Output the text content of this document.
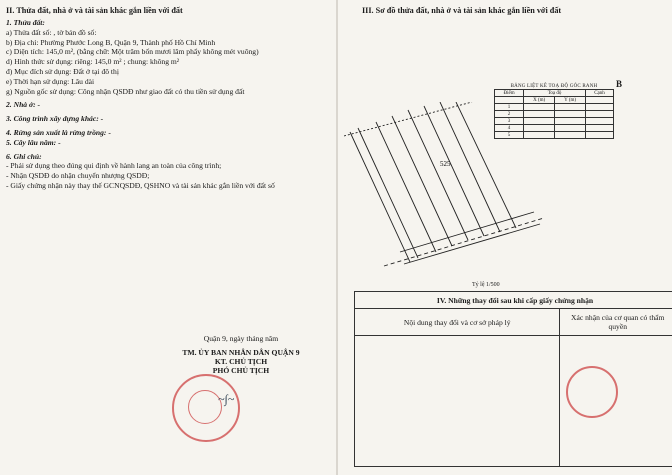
II. Thửa đất, nhà ở và tài sản khác gắn liền với đất
1. Thửa đất:
a) Thửa đất số: , tờ bản đồ số:
b) Địa chỉ: Phường Phước Long B, Quận 9, Thành phố Hồ Chí Minh
c) Diện tích: 145,0 m², (bằng chữ: Một trăm bốn mươi lăm phẩy không mét vuông)
d) Hình thức sử dụng: riêng: 145,0 m² ; chung: không m²
đ) Mục đích sử dụng: Đất ở tại đô thị
e) Thời hạn sử dụng: Lâu dài
g) Nguồn gốc sử dụng: Công nhận QSDĐ như giao đất có thu tiền sử dụng đất
2. Nhà ở: -
3. Công trình xây dựng khác: -
4. Rừng sản xuất là rừng trồng: -
5. Cây lâu năm: -
6. Ghi chú:
- Phải sử dụng theo đúng qui định về hành lang an toàn của công trình;
- Nhận QSDĐ do nhận chuyển nhượng QSDĐ;
- Giấy chứng nhận này thay thế GCNQSDĐ, QSHNO và tài sản khác gắn liền với đất số
Quận 9, ngày tháng năm
TM. ỦY BAN NHÂN DÂN QUẬN 9
KT. CHỦ TỊCH
PHÓ CHỦ TỊCH
~∫~
III. Sơ đồ thửa đất, nhà ở và tài sản khác gắn liền với đất
BẢNG LIỆT KÊ TOẠ ĐỘ GÓC RANH
Điểm	Toạ độ		Cạnh
	X (m)	Y (m)	
1			
2			
3			
4			
5			
B
525
Tỷ lệ 1/500
IV. Những thay đổi sau khi cấp giấy chứng nhận	
Nội dung thay đổi và cơ sở pháp lý	Xác nhận của cơ quan có thẩm quyền
